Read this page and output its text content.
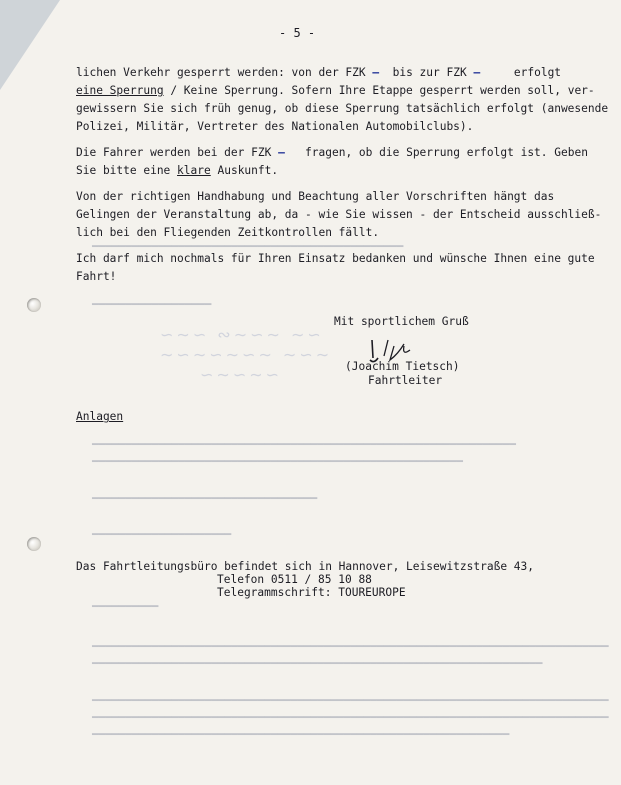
━━━━━━━━━━━━━━━━━━━━━━━━━━━━━━━━━━━━━━━━━━━━━━━
━━━━━━━━━━━━━━━━━━
∽∼∽ ∾∼∽∼ ∼∽
∼∽∼∽∼∽∼ ∼∽∼
∽∼∽∼∽
━━━━━━━━━━━━━━━━━━━━━━━━━━━━━━━━━━━━━━━━━━━━━━━━━━━━━━━━━━━━━━━━
━━━━━━━━━━━━━━━━━━━━━━━━━━━━━━━━━━━━━━━━━━━━━━━━━━━━━━━━
━━━━━━━━━━━━━━━━━━━━━━━━━━━━━━━━━━
━━━━━━━━━━━━━━━━━━━━━
━━━━━━━━━━
━━━━━━━━━━━━━━━━━━━━━━━━━━━━━━━━━━━━━━━━━━━━━━━━━━━━━━━━━━━━━━━━━━━━━━━━━━━━━━
━━━━━━━━━━━━━━━━━━━━━━━━━━━━━━━━━━━━━━━━━━━━━━━━━━━━━━━━━━━━━━━━━━━━
━━━━━━━━━━━━━━━━━━━━━━━━━━━━━━━━━━━━━━━━━━━━━━━━━━━━━━━━━━━━━━━━━━━━━━━━━━━━━━
━━━━━━━━━━━━━━━━━━━━━━━━━━━━━━━━━━━━━━━━━━━━━━━━━━━━━━━━━━━━━━━━━━━━━━━━━━━━━━
━━━━━━━━━━━━━━━━━━━━━━━━━━━━━━━━━━━━━━━━━━━━━━━━━━━━━━━━━━━━━━━
- 5 -
lichen Verkehr gesperrt werden: von der FZK — bis zur FZK —	erfolgt
eine Sperrung / Keine Sperrung. Sofern Ihre Etappe gesperrt werden soll, ver-
gewissern Sie sich früh genug, ob diese Sperrung tatsächlich erfolgt (anwesende
Polizei, Militär, Vertreter des Nationalen Automobilclubs).
Die Fahrer werden bei der FZK — fragen, ob die Sperrung erfolgt ist. Geben
Sie bitte eine klare Auskunft.
Von der richtigen Handhabung und Beachtung aller Vorschriften hängt das
Gelingen der Veranstaltung ab, da - wie Sie wissen - der Entscheid ausschließ-
lich bei den Fliegenden Zeitkontrollen fällt.
Ich darf mich nochmals für Ihren Einsatz bedanken und wünsche Ihnen eine gute
Fahrt!
Mit sportlichem Gruß
(Joachim Tietsch)
Fahrtleiter
Anlagen
Das Fahrtleitungsbüro befindet sich in Hannover, Leisewitzstraße 43,
Telefon 0511 / 85 10 88
Telegrammschrift: TOUREUROPE
